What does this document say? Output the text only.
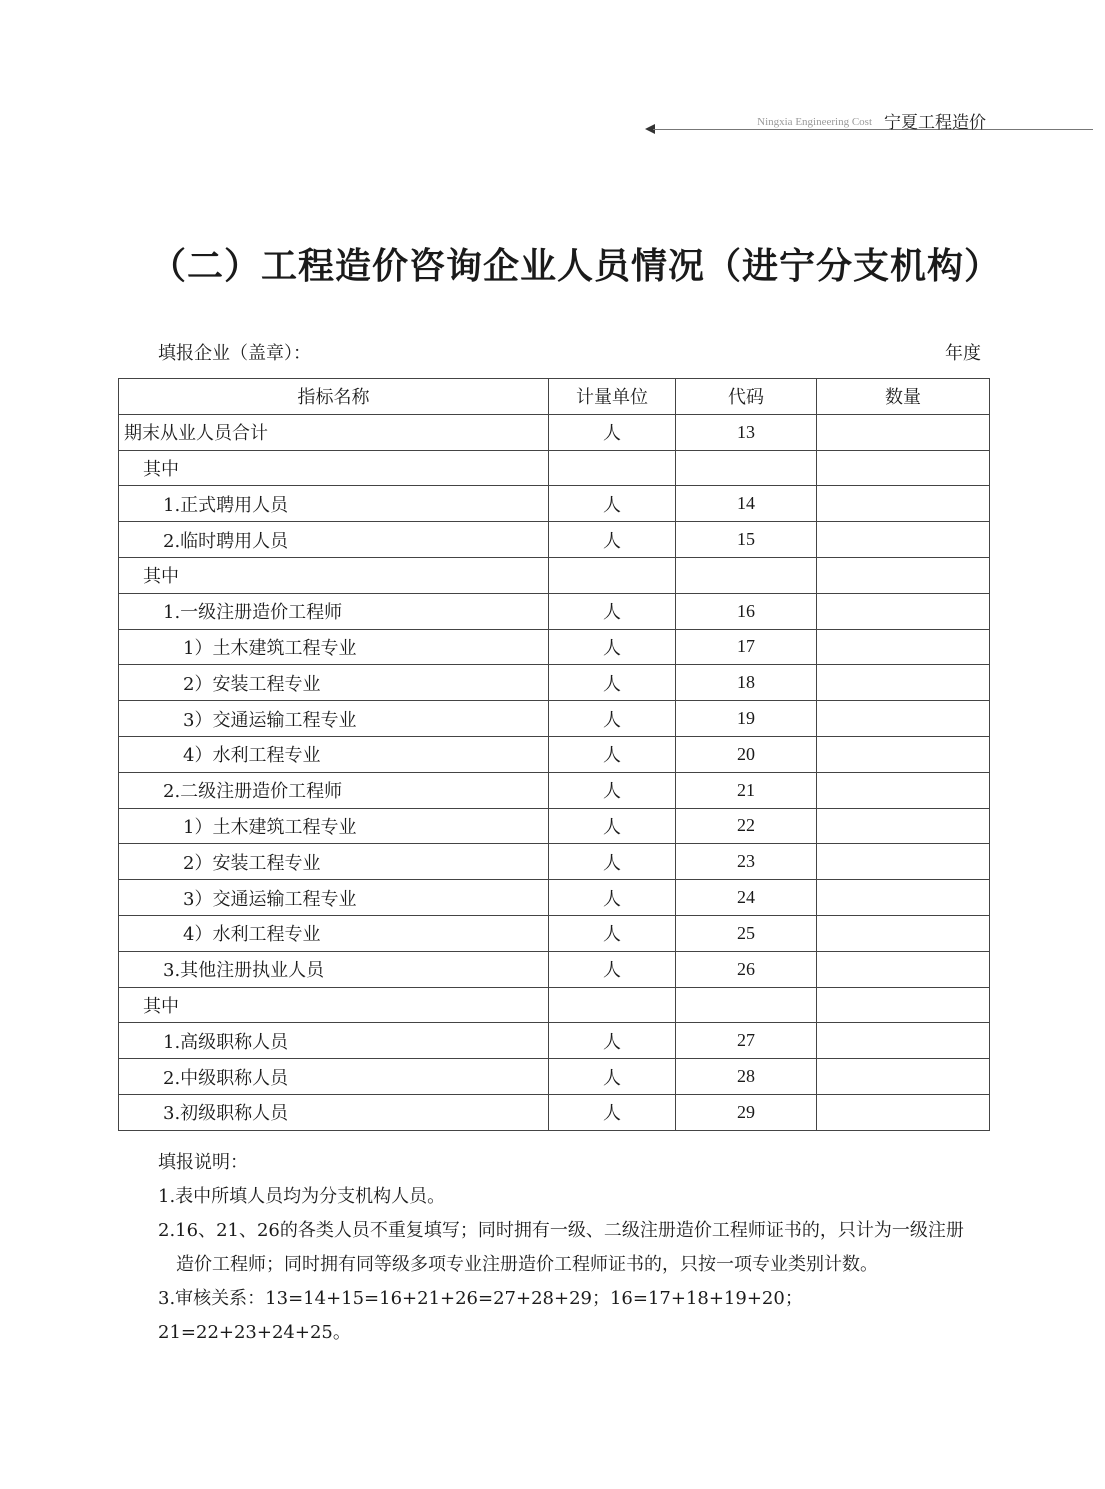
Ningxia Engineering Cost 宁夏工程造价
（二）工程造价咨询企业人员情况（进宁分支机构）
填报企业（盖章）：	年度
指标名称	计量单位	代码	数量
期末从业人员合计	人	13	
其中			
1.正式聘用人员	人	14	
2.临时聘用人员	人	15	
其中			
1.一级注册造价工程师	人	16	
1）土木建筑工程专业	人	17	
2）安装工程专业	人	18	
3）交通运输工程专业	人	19	
4）水利工程专业	人	20	
2.二级注册造价工程师	人	21	
1）土木建筑工程专业	人	22	
2）安装工程专业	人	23	
3）交通运输工程专业	人	24	
4）水利工程专业	人	25	
3.其他注册执业人员	人	26	
其中			
1.高级职称人员	人	27	
2.中级职称人员	人	28	
3.初级职称人员	人	29	

填报说明：

1.表中所填人员均为分支机构人员。

2.16、21、26的各类人员不重复填写；同时拥有一级、二级注册造价工程师证书的，只计为一级注册
造价工程师；同时拥有同等级多项专业注册造价工程师证书的，只按一项专业类别计数。

3.审核关系：13=14+15=16+21+26=27+28+29；16=17+18+19+20；21=22+23+24+25。
